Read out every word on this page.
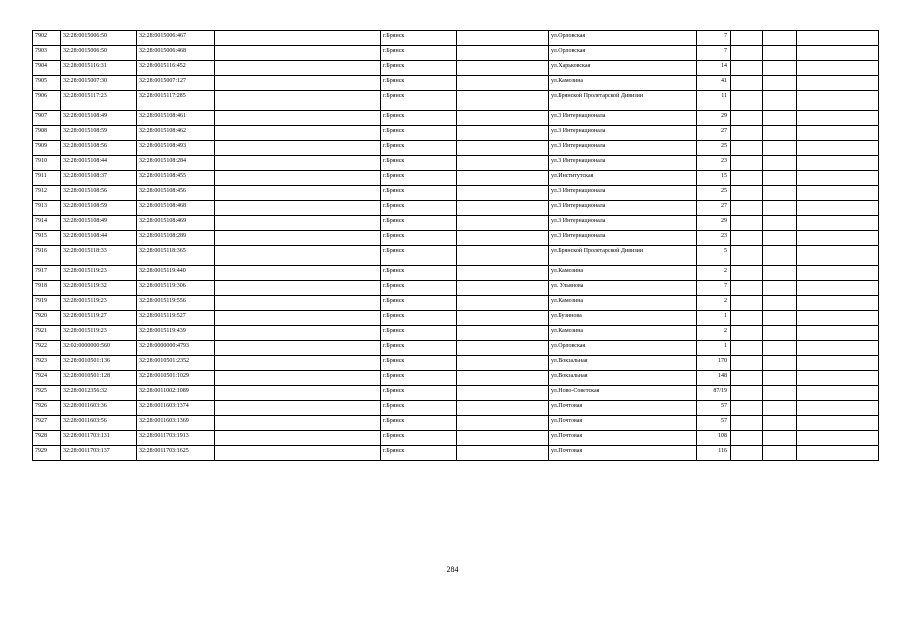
7902	32:28:0015006:50	32:28:0015006:467		г.Брянск		ул.Орловская	7			
7903	32:28:0015006:50	32:28:0015006:468		г.Брянск		ул.Орловская	7			
7904	32:28:0015116:31	32:28:0015116:452		г.Брянск		ул.Харьковская	14			
7905	32:28:0015007:30	32:28:0015007:127		г.Брянск		ул.Камозина	41			
7906	32:28:0015117:23	32:28:0015117:285		г.Брянск		ул.Брянской Пролетарской Дивизии	11			
7907	32:28:0015108:49	32:28:0015108:461		г.Брянск		ул.3 Интернационала	29			
7908	32:28:0015108:59	32:28:0015108:462		г.Брянск		ул.3 Интернационала	27			
7909	32:28:0015108:56	32:28:0015108:493		г.Брянск		ул.3 Интернационала	25			
7910	32:28:0015108:44	32:28:0015108:284		г.Брянск		ул.3 Интернационала	23			
7911	32:28:0015108:37	32:28:0015108:455		г.Брянск		ул.Институтская	15			
7912	32:28:0015108:56	32:28:0015108:456		г.Брянск		ул.3 Интернационала	25			
7913	32:28:0015108:59	32:28:0015108:468		г.Брянск		ул.3 Интернационала	27			
7914	32:28:0015108:49	32:28:0015108:469		г.Брянск		ул.3 Интернационала	29			
7915	32:28:0015108:44	32:28:0015108:289		г.Брянск		ул.3 Интернационала	23			
7916	32:28:0015118:33	32:28:0015118:365		г.Брянск		ул.Брянской Пролетарской Дивизии	5			
7917	32:28:0015119:23	32:28:0015119:440		г.Брянск		ул.Камозина	2			
7918	32:28:0015119:32	32:28:0015119:306		г.Брянск		ул. Ульянова	7			
7919	32:28:0015119:23	32:28:0015119:556		г.Брянск		ул.Камозина	2			
7920	32:28:0015119:27	32:28:0015119:527		г.Брянск		ул.Бузинова	1			
7921	32:28:0015119:23	32:28:0015119:439		г.Брянск		ул.Камозина	2			
7922	32:02:0000000:560	32:28:0000000:4793		г.Брянск		ул.Орловская	1			
7923	32:28:0010501:136	32:28:0010501:2352		г.Брянск		ул.Вокзальная	170			
7924	32:28:0010501:128	32:28:0010501:1029		г.Брянск		ул.Вокзальная	148			
7925	32:28:0012356:32	32:28:0011002:1089		г.Брянск		ул.Ново-Советская	87/19			
7926	32:28:0011603:36	32:28:0011603:1374		г.Брянск		ул.Почтовая	57			
7927	32:28:0011603:56	32:28:0011603:1369		г.Брянск		ул.Почтовая	57			
7928	32:28:0011703:131	32:28:0011703:1913		г.Брянск		ул.Почтовая	108			
7929	32:28:0011703:137	32:28:0011703:1625		г.Брянск		ул.Почтовая	116			
284
